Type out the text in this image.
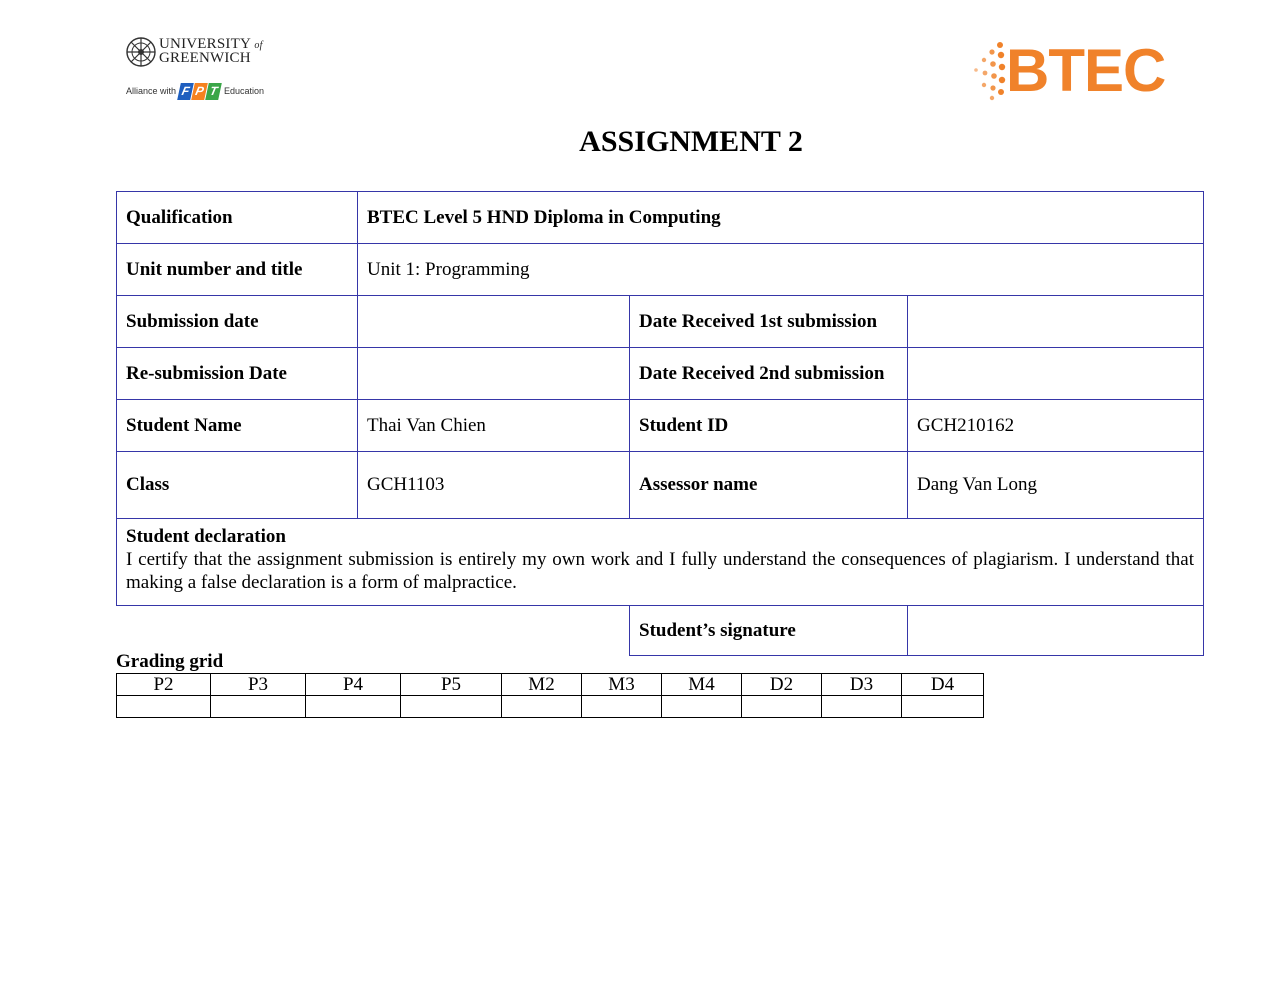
UNIVERSITY of
GREENWICH
Alliance with F P T Education	BTEC
ASSIGNMENT 2
Qualification	BTEC Level 5 HND Diploma in Computing		
Unit number and title	Unit 1: Programming		
Submission date		Date Received 1st submission	
Re-submission Date		Date Received 2nd submission	
Student Name	Thai Van Chien	Student ID	GCH210162
Class	GCH1103	Assessor name	Dang Van Long

Student declaration
I certify that the assignment submission is entirely my own work and I fully understand the consequences of plagiarism. I understand that making a false declaration is a form of malpractice.			

		Student’s signature	
Grading grid
P2	P3	P4	P5	M2	M3	M4	D2	D3	D4
